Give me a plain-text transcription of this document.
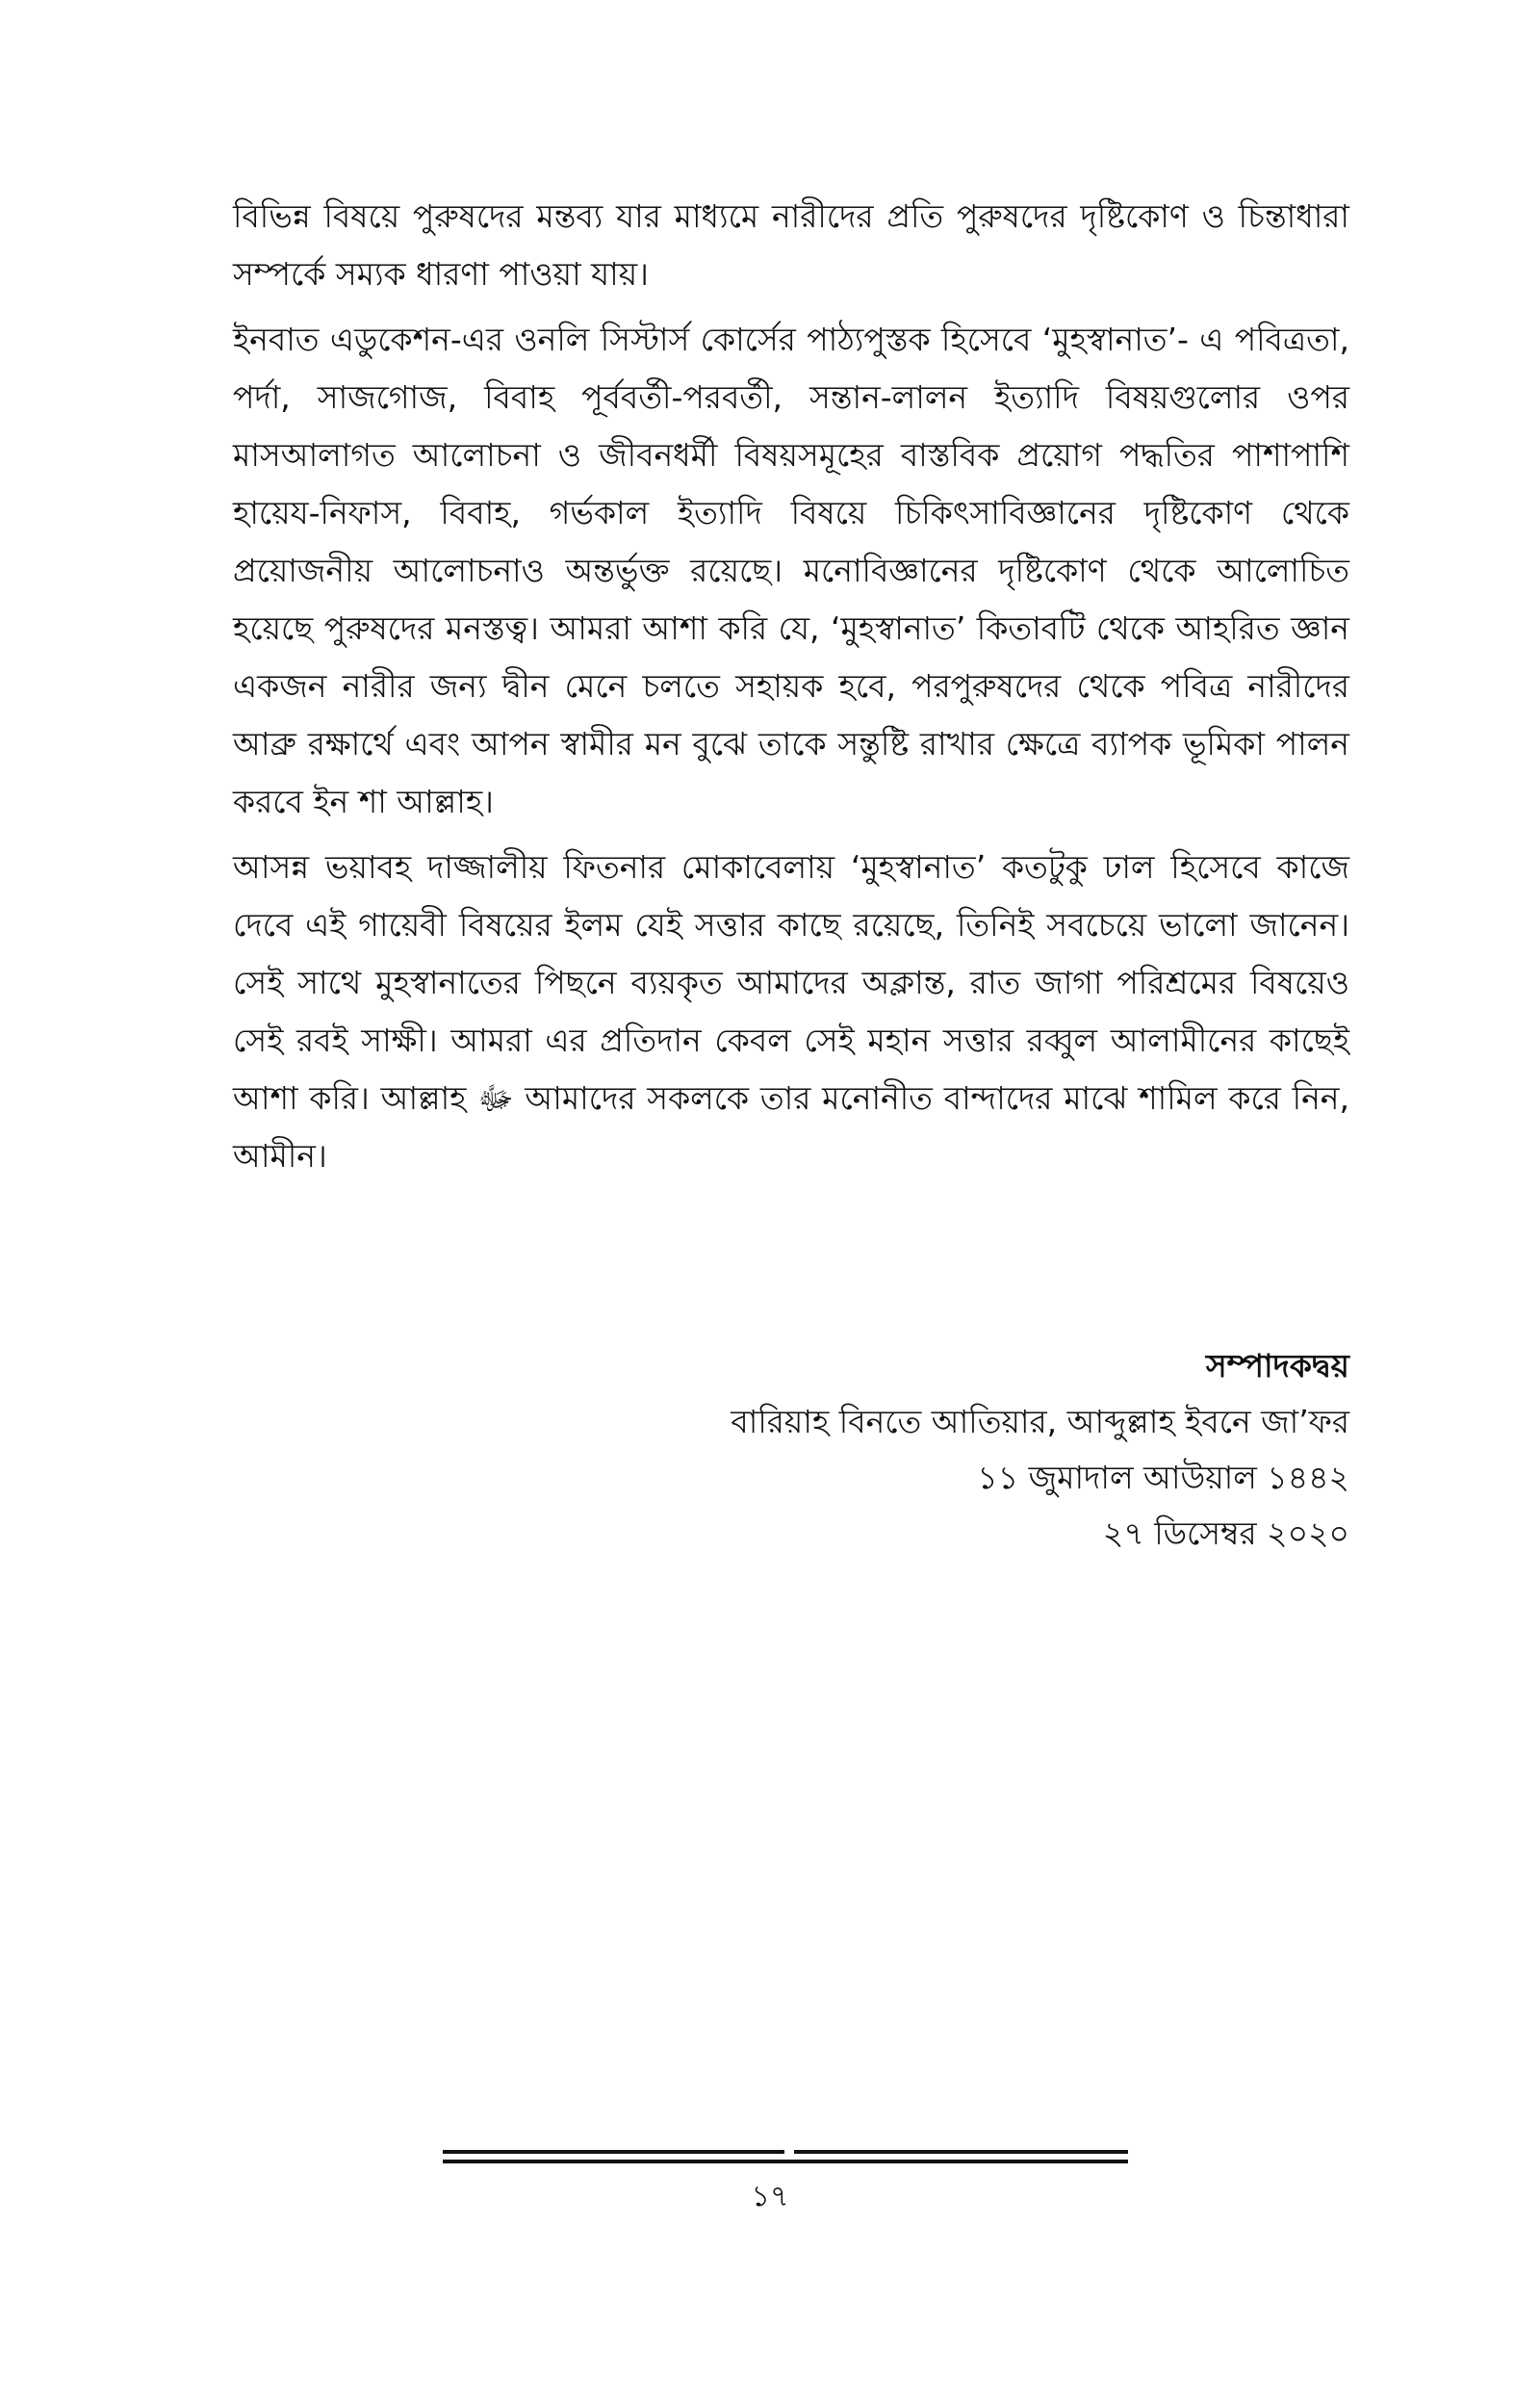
বিভিন্ন বিষয়ে পুরুষদের মন্তব্য যার মাধ্যমে নারীদের প্রতি পুরুষদের দৃষ্টিকোণ ও চিন্তাধারা সম্পর্কে সম্যক ধারণা পাওয়া যায়।

ইনবাত এডুকেশন-এর ওনলি সিস্টার্স কোর্সের পাঠ্যপুস্তক হিসেবে ‘মুহস্বানাত’- এ পবিত্রতা, পর্দা, সাজগোজ, বিবাহ পূর্ববর্তী-পরবর্তী, সন্তান-লালন ইত্যাদি বিষয়গুলোর ওপর মাসআলাগত আলোচনা ও জীবনধর্মী বিষয়সমূহের বাস্তবিক প্রয়োগ পদ্ধতির পাশাপাশি হায়েয-নিফাস, বিবাহ, গর্ভকাল ইত্যাদি বিষয়ে চিকিৎসাবিজ্ঞানের দৃষ্টিকোণ থেকে প্রয়োজনীয় আলোচনাও অন্তর্ভুক্ত রয়েছে। মনোবিজ্ঞানের দৃষ্টিকোণ থেকে আলোচিত হয়েছে পুরুষদের মনস্তত্ব। আমরা আশা করি যে, ‘মুহস্বানাত’ কিতাবটি থেকে আহরিত জ্ঞান একজন নারীর জন্য দ্বীন মেনে চলতে সহায়ক হবে, পরপুরুষদের থেকে পবিত্র নারীদের আব্রু রক্ষার্থে এবং আপন স্বামীর মন বুঝে তাকে সন্তুষ্টি রাখার ক্ষেত্রে ব্যাপক ভূমিকা পালন করবে ইন শা আল্লাহ।

আসন্ন ভয়াবহ দাজ্জালীয় ফিতনার মোকাবেলায় ‘মুহস্বানাত’ কতটুকু ঢাল হিসেবে কাজে দেবে এই গায়েবী বিষয়ের ইলম যেই সত্তার কাছে রয়েছে, তিনিই সবচেয়ে ভালো জানেন। সেই সাথে মুহস্বানাতের পিছনে ব্যয়কৃত আমাদের অক্লান্ত, রাত জাগা পরিশ্রমের বিষয়েও সেই রবই সাক্ষী। আমরা এর প্রতিদান কেবল সেই মহান সত্তার রব্বুল আলামীনের কাছেই আশা করি। আল্লাহ ﷻ আমাদের সকলকে তার মনোনীত বান্দাদের মাঝে শামিল করে নিন, আমীন।

সম্পাদকদ্বয়
বারিয়াহ বিনতে আতিয়ার, আব্দুল্লাহ ইবনে জা’ফর
১১ জুমাদাল আউয়াল ১৪৪২
২৭ ডিসেম্বর ২০২০
১৭
